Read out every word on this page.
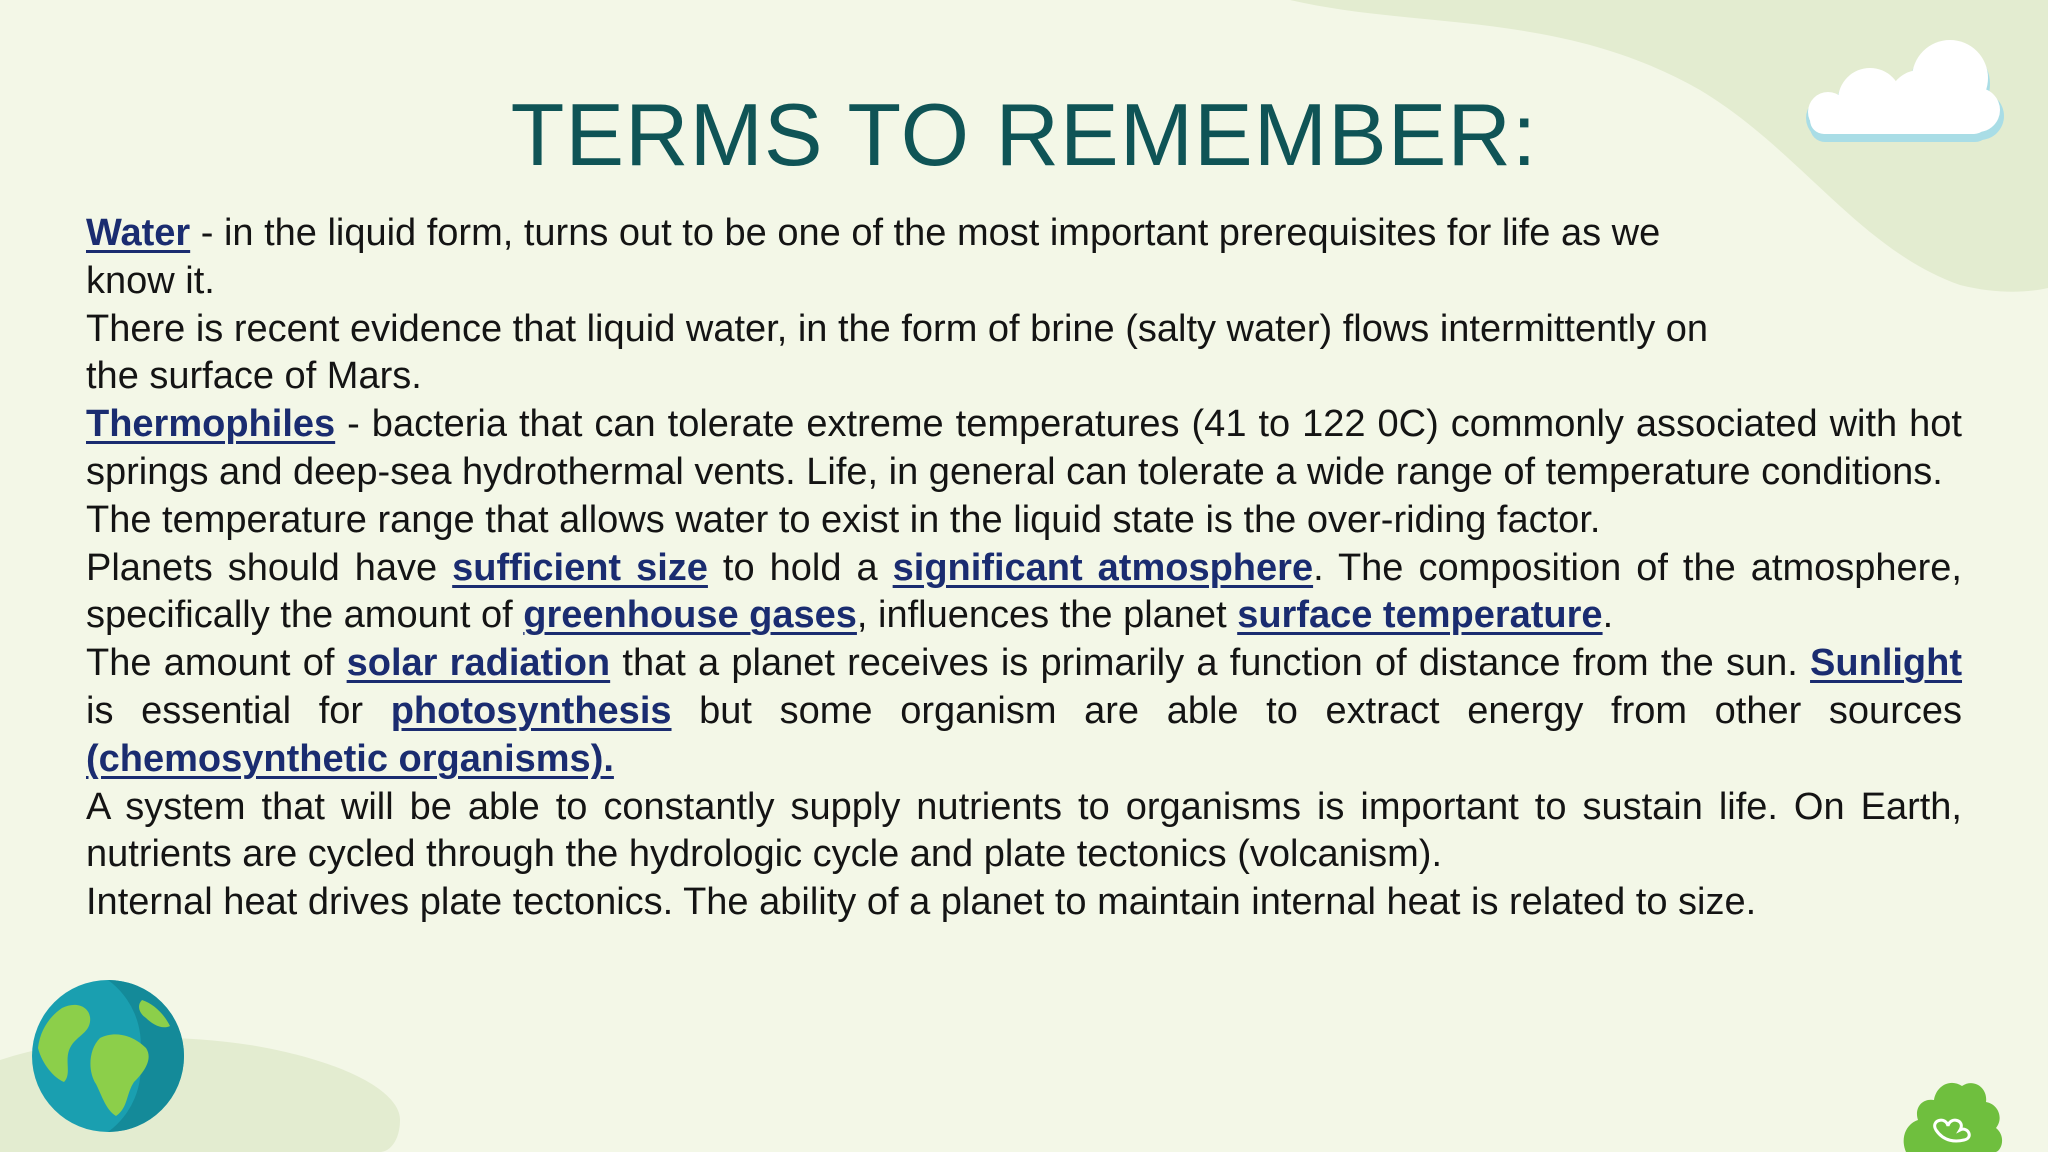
TERMS TO REMEMBER:

Water - in the liquid form, turns out to be one of the most important prerequisites for life as we know it.

There is recent evidence that liquid water, in the form of brine (salty water) flows intermittently on the surface of Mars.

Thermophiles - bacteria that can tolerate extreme temperatures (41 to 122 0C) commonly associated with hot springs and deep-sea hydrothermal vents. Life, in general can tolerate a wide range of temperature conditions.

The temperature range that allows water to exist in the liquid state is the over-riding factor.

Planets should have sufficient size to hold a significant atmosphere. The composition of the atmosphere, specifically the amount of greenhouse gases, influences the planet surface temperature.

The amount of solar radiation that a planet receives is primarily a function of distance from the sun. Sunlight is essential for photosynthesis but some organism are able to extract energy from other sources (chemosynthetic organisms).

A system that will be able to constantly supply nutrients to organisms is important to sustain life. On Earth, nutrients are cycled through the hydrologic cycle and plate tectonics (volcanism).

Internal heat drives plate tectonics. The ability of a planet to maintain internal heat is related to size.
